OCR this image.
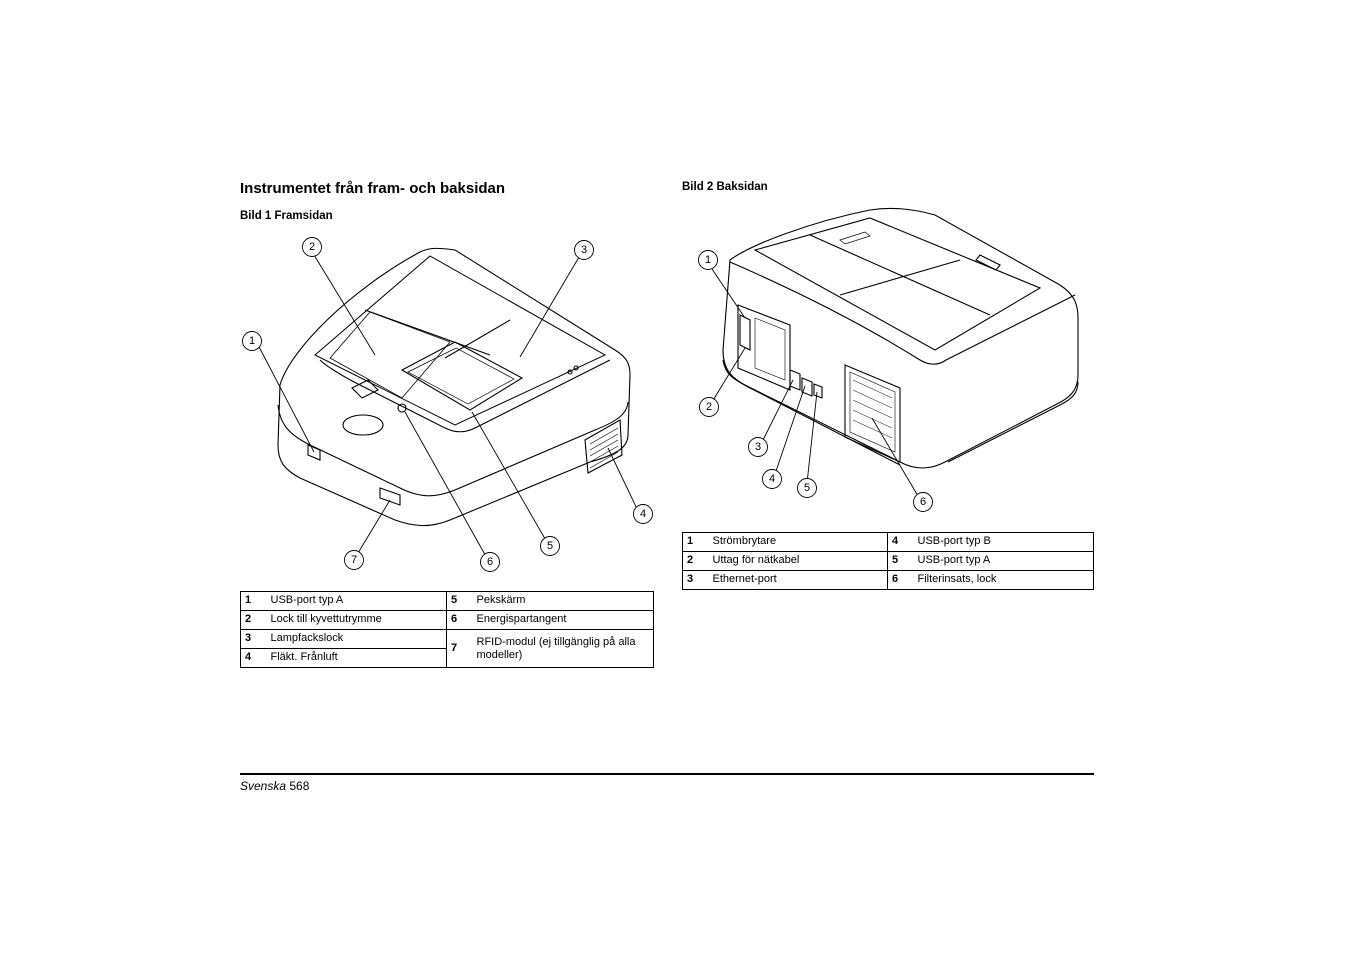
Instrumentet från fram- och baksidan
Bild 1 Framsidan
Bild 2 Baksidan
1
2	3
4
5
6
7
1	USB-port typ A	5	Pekskärm
2	Lock till kyvettutrymme	6	Energispartangent
3	Lampfackslock	7	RFID-modul (ej tillgänglig på alla modeller)
4	Fläkt. Frånluft		
1
2
3
4
5
6
1	Strömbrytare	4	USB-port typ B
2	Uttag för nätkabel	5	USB-port typ A
3	Ethernet-port	6	Filterinsats, lock
Svenska 568
